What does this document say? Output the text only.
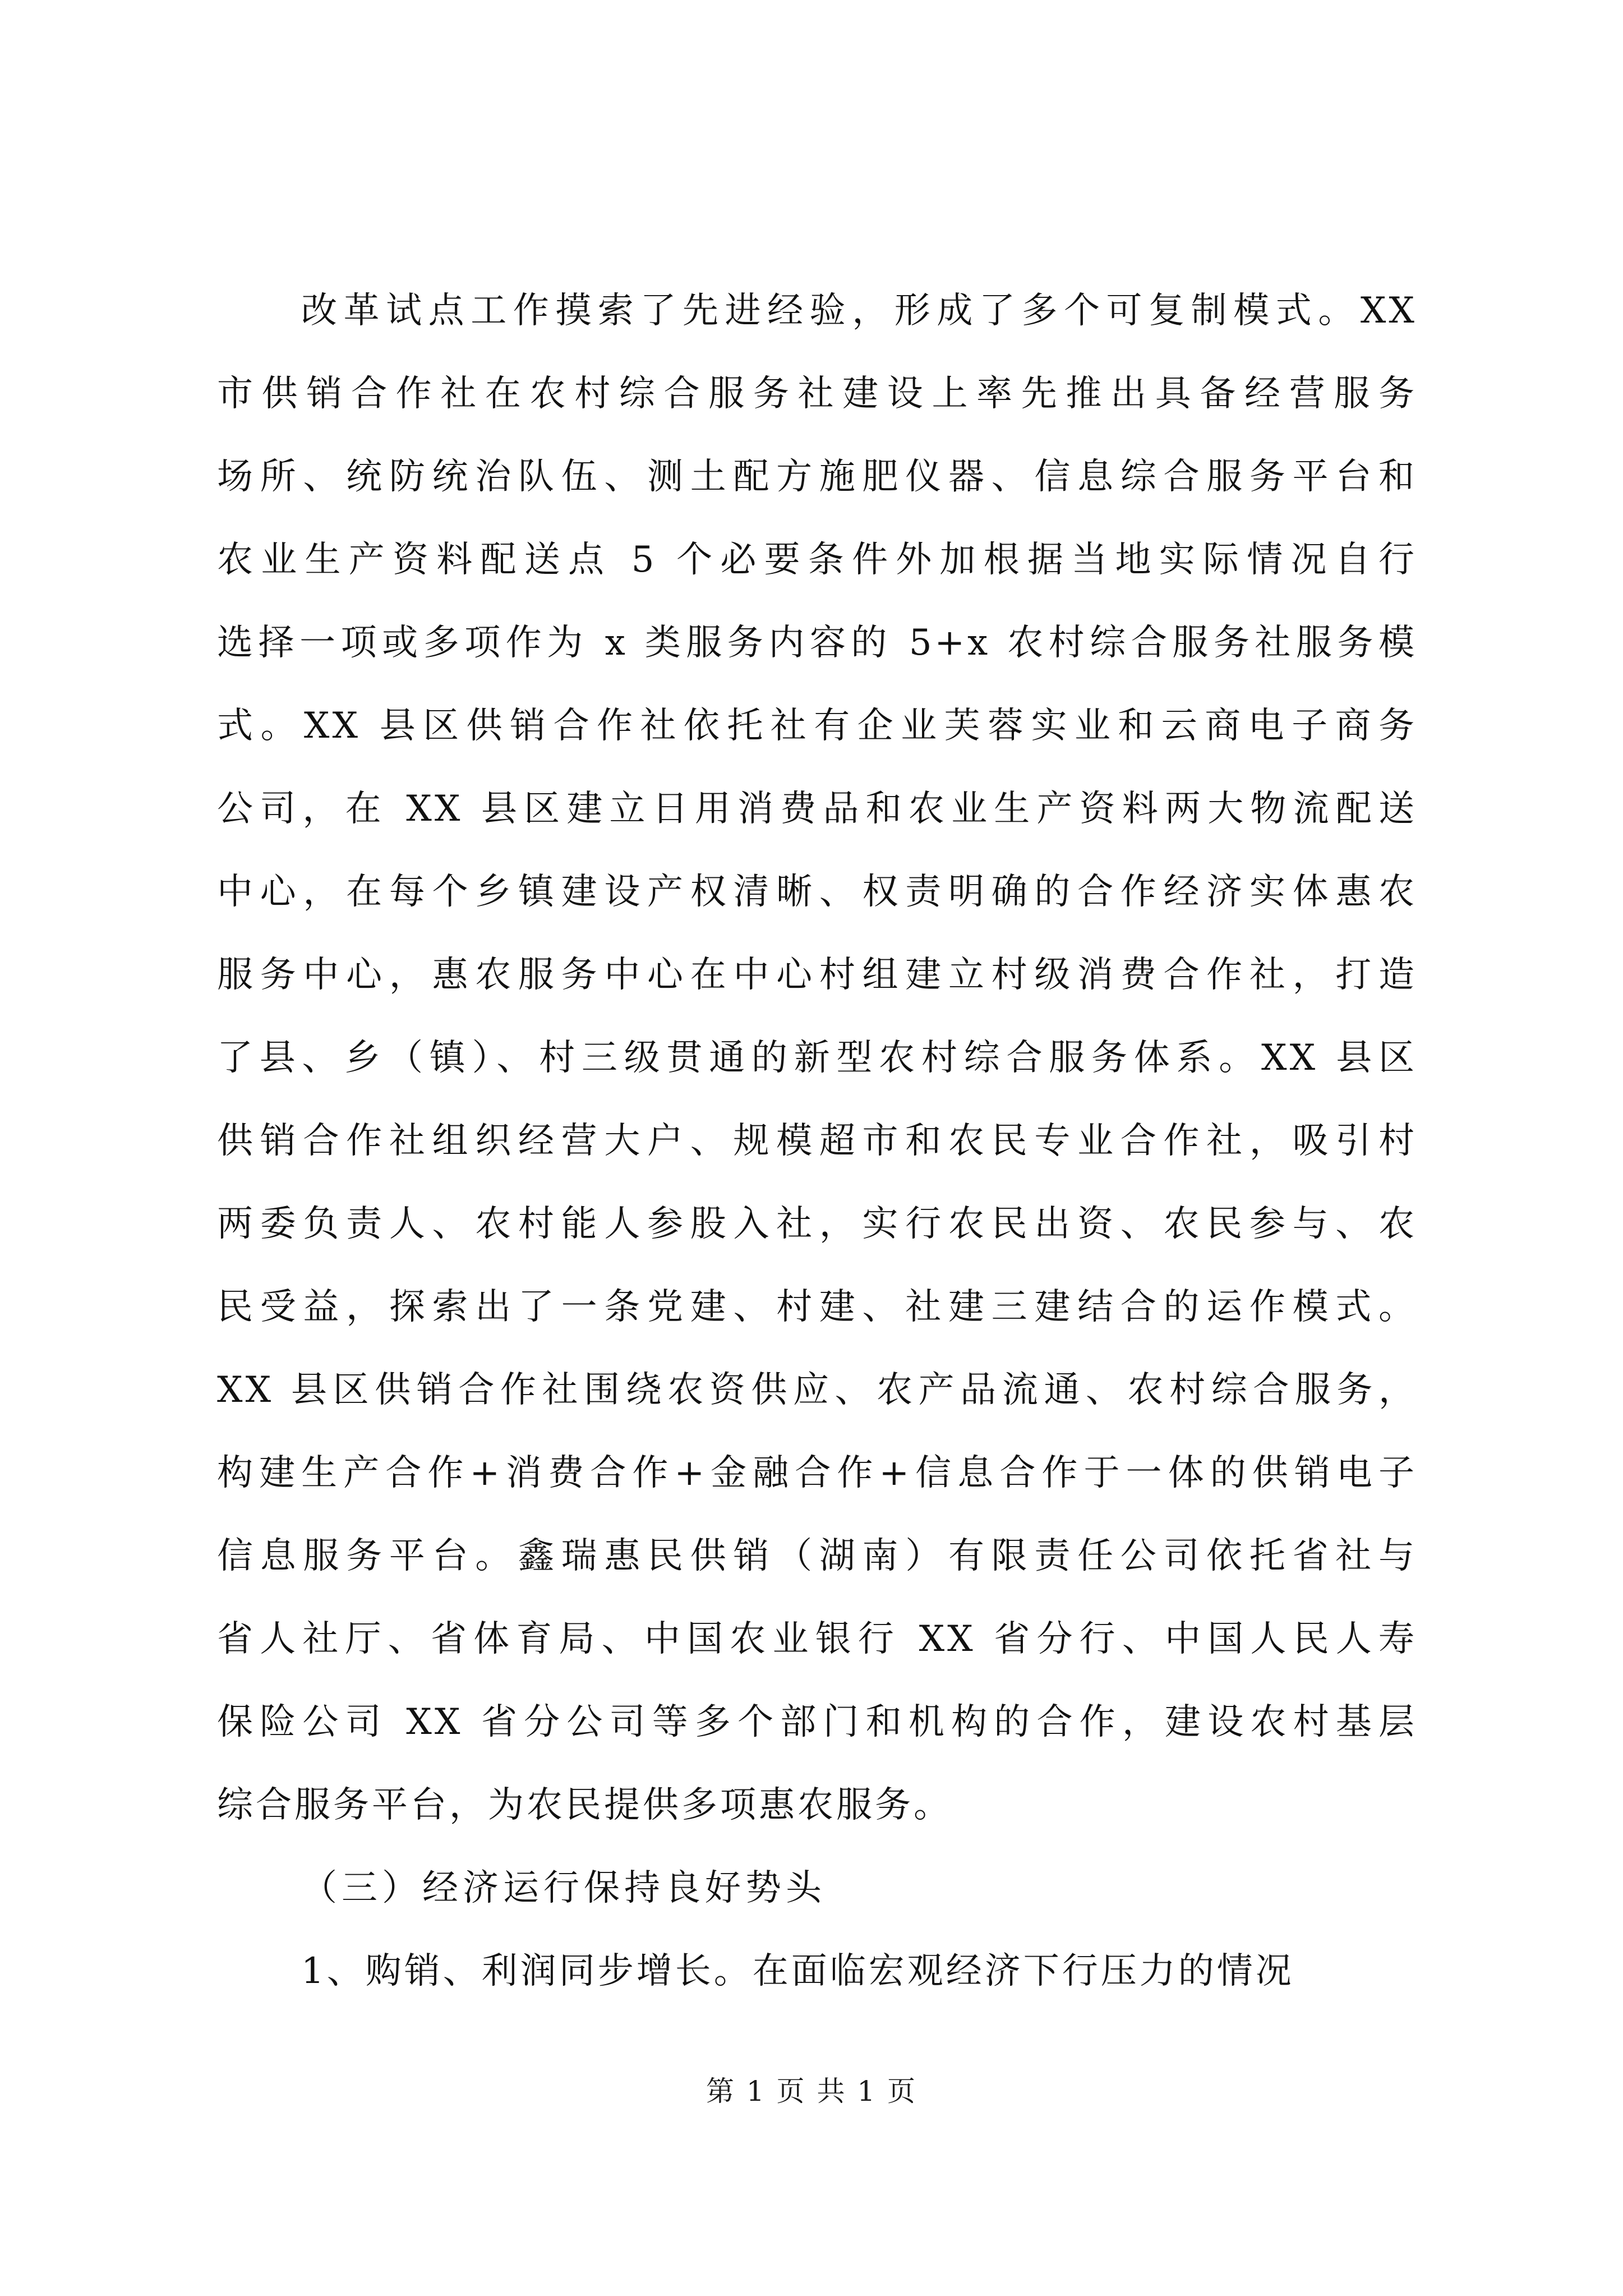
改革试点工作摸索了先进经验，形成了多个可复制模式。XX
市供销合作社在农村综合服务社建设上率先推出具备经营服务
场所、统防统治队伍、测土配方施肥仪器、信息综合服务平台和
农业生产资料配送点 5 个必要条件外加根据当地实际情况自行
选择一项或多项作为 x 类服务内容的 5+x 农村综合服务社服务模
式。XX 县区供销合作社依托社有企业芙蓉实业和云商电子商务
公司，在 XX 县区建立日用消费品和农业生产资料两大物流配送
中心，在每个乡镇建设产权清晰、权责明确的合作经济实体惠农
服务中心，惠农服务中心在中心村组建立村级消费合作社，打造
了县、乡（镇）、村三级贯通的新型农村综合服务体系。XX 县区
供销合作社组织经营大户、规模超市和农民专业合作社，吸引村
两委负责人、农村能人参股入社，实行农民出资、农民参与、农
民受益，探索出了一条党建、村建、社建三建结合的运作模式。
XX 县区供销合作社围绕农资供应、农产品流通、农村综合服务，
构建生产合作+消费合作+金融合作+信息合作于一体的供销电子
信息服务平台。鑫瑞惠民供销（湖南）有限责任公司依托省社与
省人社厅、省体育局、中国农业银行 XX 省分行、中国人民人寿
保险公司 XX 省分公司等多个部门和机构的合作，建设农村基层
综合服务平台，为农民提供多项惠农服务。
（三）经济运行保持良好势头
1、购销、利润同步增长。在面临宏观经济下行压力的情况
第 1 页 共 1 页
